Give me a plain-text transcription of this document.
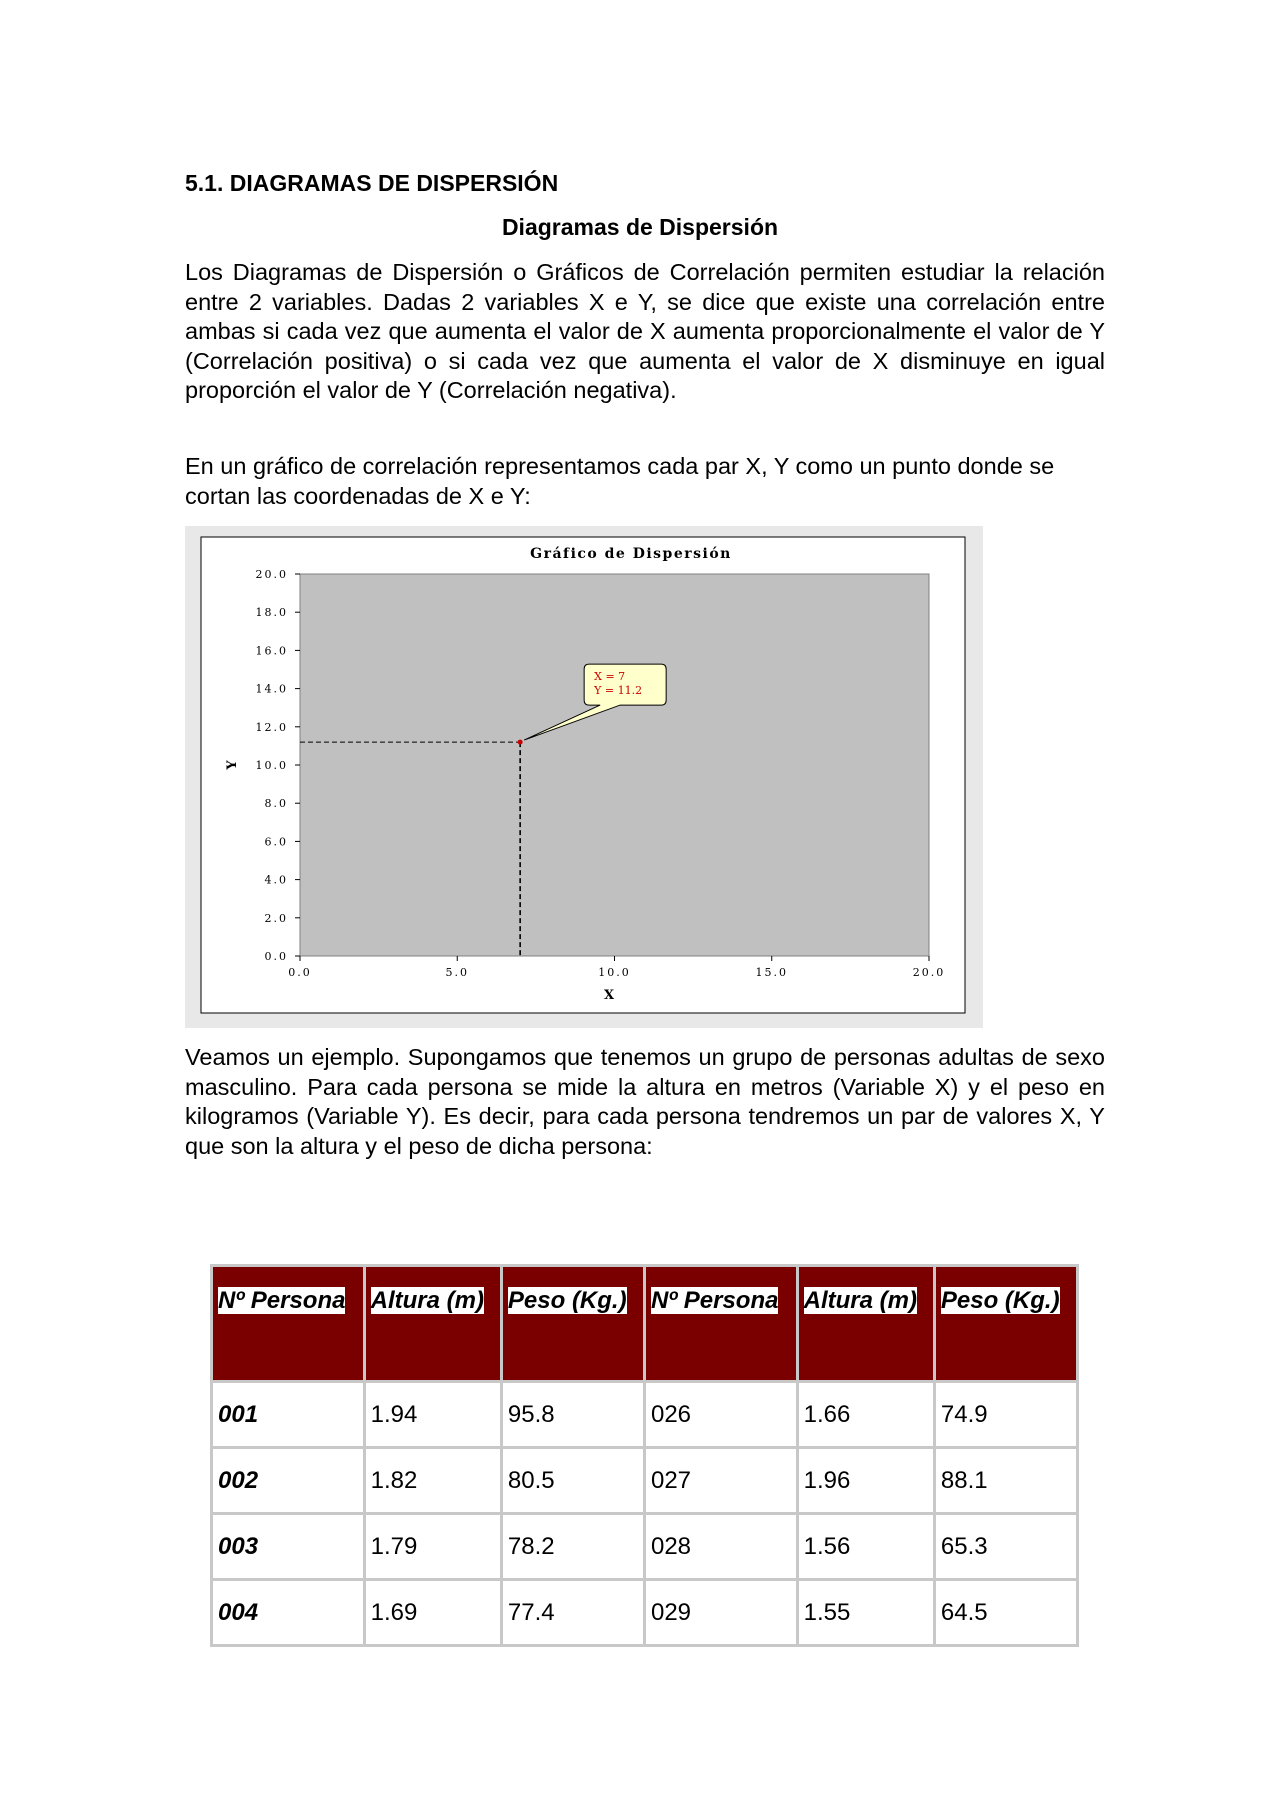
5.1. DIAGRAMAS DE DISPERSIÓN
Diagramas de Dispersión

Los Diagramas de Dispersión o Gráficos de Correlación permiten estudiar la relación entre 2 variables. Dadas 2 variables X e Y, se dice que existe una correlación entre ambas si cada vez que aumenta el valor de X aumenta proporcionalmente el valor de Y (Correlación positiva) o si cada vez que aumenta el valor de X disminuye en igual proporción el valor de Y (Correlación negativa).

En un gráfico de correlación representamos cada par X, Y como un punto donde se cortan las coordenadas de X e Y:

Gráfico de Dispersión
X
Y
0.0
2.0
4.0
6.0
8.0
10.0
12.0
14.0
16.0
18.0
20.0
0.0	5.0	10.0	15.0	20.0
X = 7
Y = 11.2

Veamos un ejemplo. Supongamos que tenemos un grupo de personas adultas de sexo masculino. Para cada persona se mide la altura en metros (Variable X) y el peso en kilogramos (Variable Y). Es decir, para cada persona tendremos un par de valores X, Y que son la altura y el peso de dicha persona:

Nº Persona	Altura (m)	Peso (Kg.)	Nº Persona	Altura (m)	Peso (Kg.)
001	1.94	95.8	026	1.66	74.9
002	1.82	80.5	027	1.96	88.1
003	1.79	78.2	028	1.56	65.3
004	1.69	77.4	029	1.55	64.5
